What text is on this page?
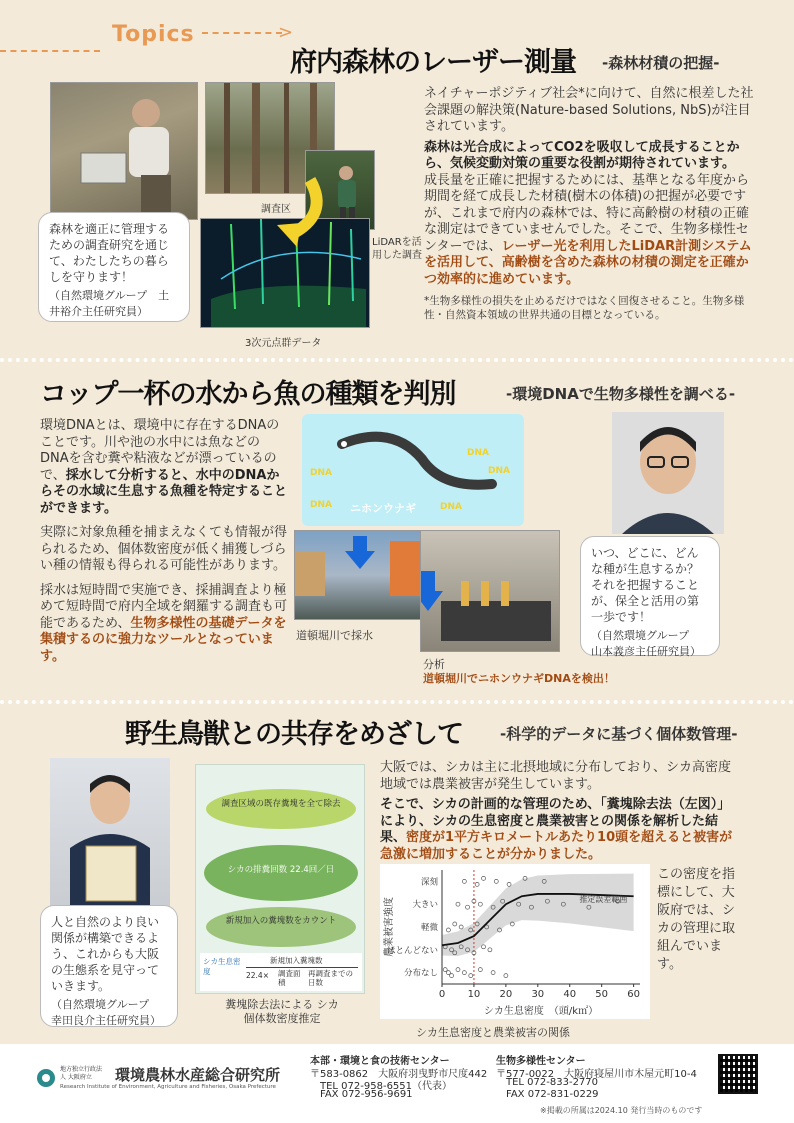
Topics	>
府内森林のレーザー測量 -森林材積の把握-
調査区
LiDARを活用した調査
3次元点群データ
森林を適正に管理するための調査研究を通じて、わたしたちの暮らしを守ります！
（自然環境グループ　土井裕介主任研究員）
ネイチャーポジティブ社会*に向けて、自然に根差した社会課題の解決策(Nature-based Solutions, NbS)が注目されています。
森林は光合成によってCO2を吸収して成長することから、気候変動対策の重要な役割が期待されています。
成長量を正確に把握するためには、基準となる年度から期間を経て成長した材積(樹木の体積)の把握が必要ですが、これまで府内の森林では、特に高齢樹の材積の正確な測定はできていませんでした。そこで、生物多様性センターでは、レーザー光を利用したLiDAR計測システムを活用して、高齢樹を含めた森林の材積の測定を正確かつ効率的に進めています。
*生物多様性の損失を止めるだけではなく回復させること。生物多様性・自然資本領域の世界共通の目標となっている。
コップ一杯の水から魚の種類を判別	-環境DNAで生物多様性を調べる-
環境DNAとは、環境中に存在するDNAのことです。川や池の水中には魚などのDNAを含む糞や粘液などが漂っているので、採水して分析すると、水中のDNAからその水域に生息する魚種を特定することができます。
実際に対象魚種を捕まえなくても情報が得られるため、個体数密度が低く捕獲しづらい種の情報も得られる可能性があります。
採水は短時間で実施でき、採捕調査より極めて短時間で府内全域を網羅する調査も可能であるため、生物多様性の基礎データを集積するのに強力なツールとなっています。
DNA
DNA
DNA
DNA	DNA
ニホンウナギ
道頓堀川で採水
分析
道頓堀川でニホンウナギDNAを検出！
いつ、どこに、どんな種が生息するか？それを把握することが、保全と活用の第一歩です！
（自然環境グループ　山本義彦主任研究員）
野生鳥獣との共存をめざして -科学的データに基づく個体数管理-
人と自然のより良い関係が構築できるよう、これからも大阪の生態系を見守っていきます。
（自然環境グループ　幸田良介主任研究員）
調査区域の既存糞塊を全て除去
シカの排糞回数 22.4回／日
新規加入の糞塊数をカウント
シカ生息密度
新規加入糞塊数
22.4× 調査面積
再調査までの日数
糞塊除去法による シカ個体数密度推定
大阪では、シカは主に北摂地域に分布しており、シカ高密度地域では農業被害が発生しています。
そこで、シカの計画的な管理のため、「糞塊除去法（左図）」により、シカの生息密度と農業被害との関係を解析した結果、密度が1平方キロメートルあたり10頭を超えると被害が急激に増加することが分かりました。
この密度を指標にして、大阪府では、シカの管理に取組んでいます。
0 10 20 30 40 50 60
分布なし
ほとんどない
軽微
大きい
深刻
シカ生息密度　（頭/k㎡）
農業被害強度	推定誤差範囲
シカ生息密度と農業被害の関係
地方独立行政法人 大阪府立	環境農林水産総合研究所
Research Institute of Environment, Agriculture and Fisheries, Osaka Prefecture
本部・環境と食の技術センター
〒583-0862　大阪府羽曳野市尺度442
TEL 072-958-6551（代表）
FAX 072-956-9691
生物多様性センター
〒577-0022　大阪府寝屋川市木屋元町10-4
TEL 072-833-2770
FAX 072-831-0229
※掲載の所属は2024.10 発行当時のものです
